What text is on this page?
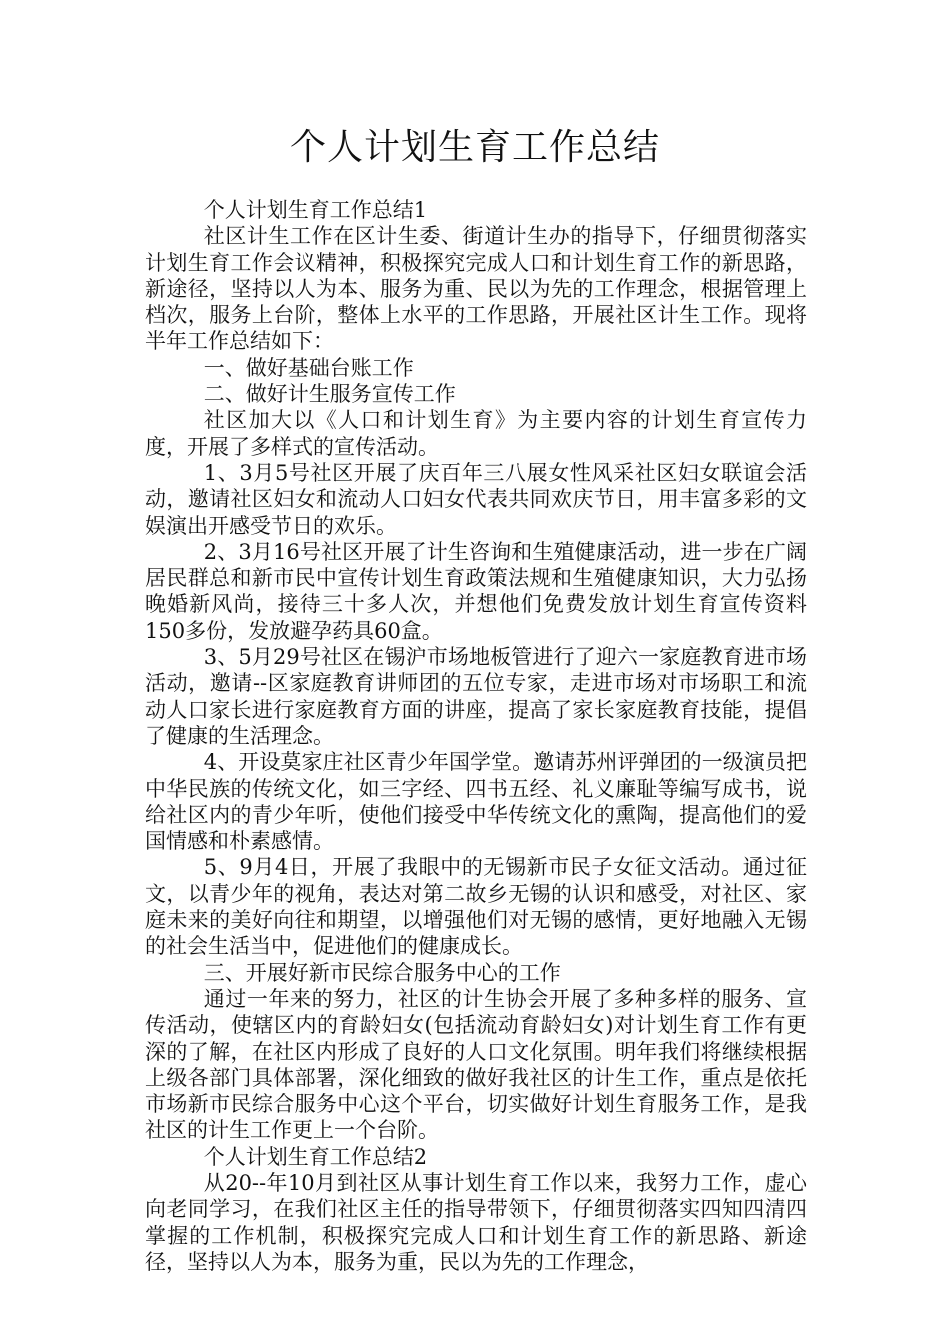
个人计划生育工作总结

个人计划生育工作总结1

社区计生工作在区计生委、街道计生办的指导下，仔细贯彻落实计划生育工作会议精神，积极探究完成人口和计划生育工作的新思路，新途径，坚持以人为本、服务为重、民以为先的工作理念，根据管理上档次，服务上台阶，整体上水平的工作思路，开展社区计生工作。现将半年工作总结如下：

一、做好基础台账工作

二、做好计生服务宣传工作

社区加大以《人口和计划生育》为主要内容的计划生育宣传力度，开展了多样式的宣传活动。

1、3月5号社区开展了庆百年三八展女性风采社区妇女联谊会活动，邀请社区妇女和流动人口妇女代表共同欢庆节日，用丰富多彩的文娱演出开感受节日的欢乐。

2、3月16号社区开展了计生咨询和生殖健康活动，进一步在广阔居民群总和新市民中宣传计划生育政策法规和生殖健康知识，大力弘扬晚婚新风尚，接待三十多人次，并想他们免费发放计划生育宣传资料150多份，发放避孕药具60盒。

3、5月29号社区在锡沪市场地板管进行了迎六一家庭教育进市场活动，邀请--区家庭教育讲师团的五位专家，走进市场对市场职工和流动人口家长进行家庭教育方面的讲座，提高了家长家庭教育技能，提倡了健康的生活理念。

4、开设莫家庄社区青少年国学堂。邀请苏州评弹团的一级演员把中华民族的传统文化，如三字经、四书五经、礼义廉耻等编写成书，说给社区内的青少年听，使他们接受中华传统文化的熏陶，提高他们的爱国情感和朴素感情。

5、9月4日，开展了我眼中的无锡新市民子女征文活动。通过征文，以青少年的视角，表达对第二故乡无锡的认识和感受，对社区、家庭未来的美好向往和期望，以增强他们对无锡的感情，更好地融入无锡的社会生活当中，促进他们的健康成长。

三、开展好新市民综合服务中心的工作

通过一年来的努力，社区的计生协会开展了多种多样的服务、宣传活动，使辖区内的育龄妇女(包括流动育龄妇女)对计划生育工作有更深的了解，在社区内形成了良好的人口文化氛围。明年我们将继续根据上级各部门具体部署，深化细致的做好我社区的计生工作，重点是依托市场新市民综合服务中心这个平台，切实做好计划生育服务工作，是我社区的计生工作更上一个台阶。

个人计划生育工作总结2

从20--年10月到社区从事计划生育工作以来，我努力工作，虚心向老同学习，在我们社区主任的指导带领下，仔细贯彻落实四知四清四掌握的工作机制，积极探究完成人口和计划生育工作的新思路、新途径，坚持以人为本，服务为重，民以为先的工作理念，
